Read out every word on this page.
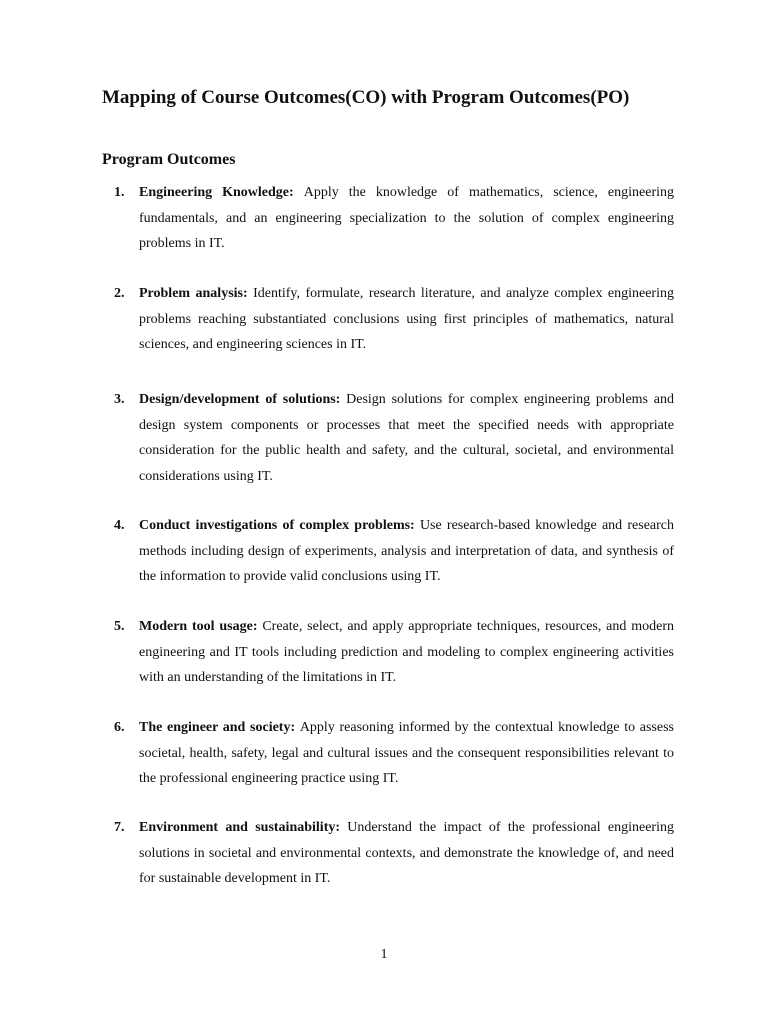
Mapping of Course Outcomes(CO) with Program Outcomes(PO)
Program Outcomes
1.	Engineering Knowledge: Apply the knowledge of mathematics, science, engineering fundamentals, and an engineering specialization to the solution of complex engineering problems in IT.
2.	Problem analysis: Identify, formulate, research literature, and analyze complex engineering problems reaching substantiated conclusions using first principles of mathematics, natural sciences, and engineering sciences in IT.
3.	Design/development of solutions: Design solutions for complex engineering problems and design system components or processes that meet the specified needs with appropriate consideration for the public health and safety, and the cultural, societal, and environmental considerations using IT.
4.	Conduct investigations of complex problems: Use research-based knowledge and research methods including design of experiments, analysis and interpretation of data, and synthesis of the information to provide valid conclusions using IT.
5.	Modern tool usage: Create, select, and apply appropriate techniques, resources, and modern engineering and IT tools including prediction and modeling to complex engineering activities with an understanding of the limitations in IT.
6.	The engineer and society: Apply reasoning informed by the contextual knowledge to assess societal, health, safety, legal and cultural issues and the consequent responsibilities relevant to the professional engineering practice using IT.
7.	Environment and sustainability: Understand the impact of the professional engineering solutions in societal and environmental contexts, and demonstrate the knowledge of, and need for sustainable development in IT.
1
